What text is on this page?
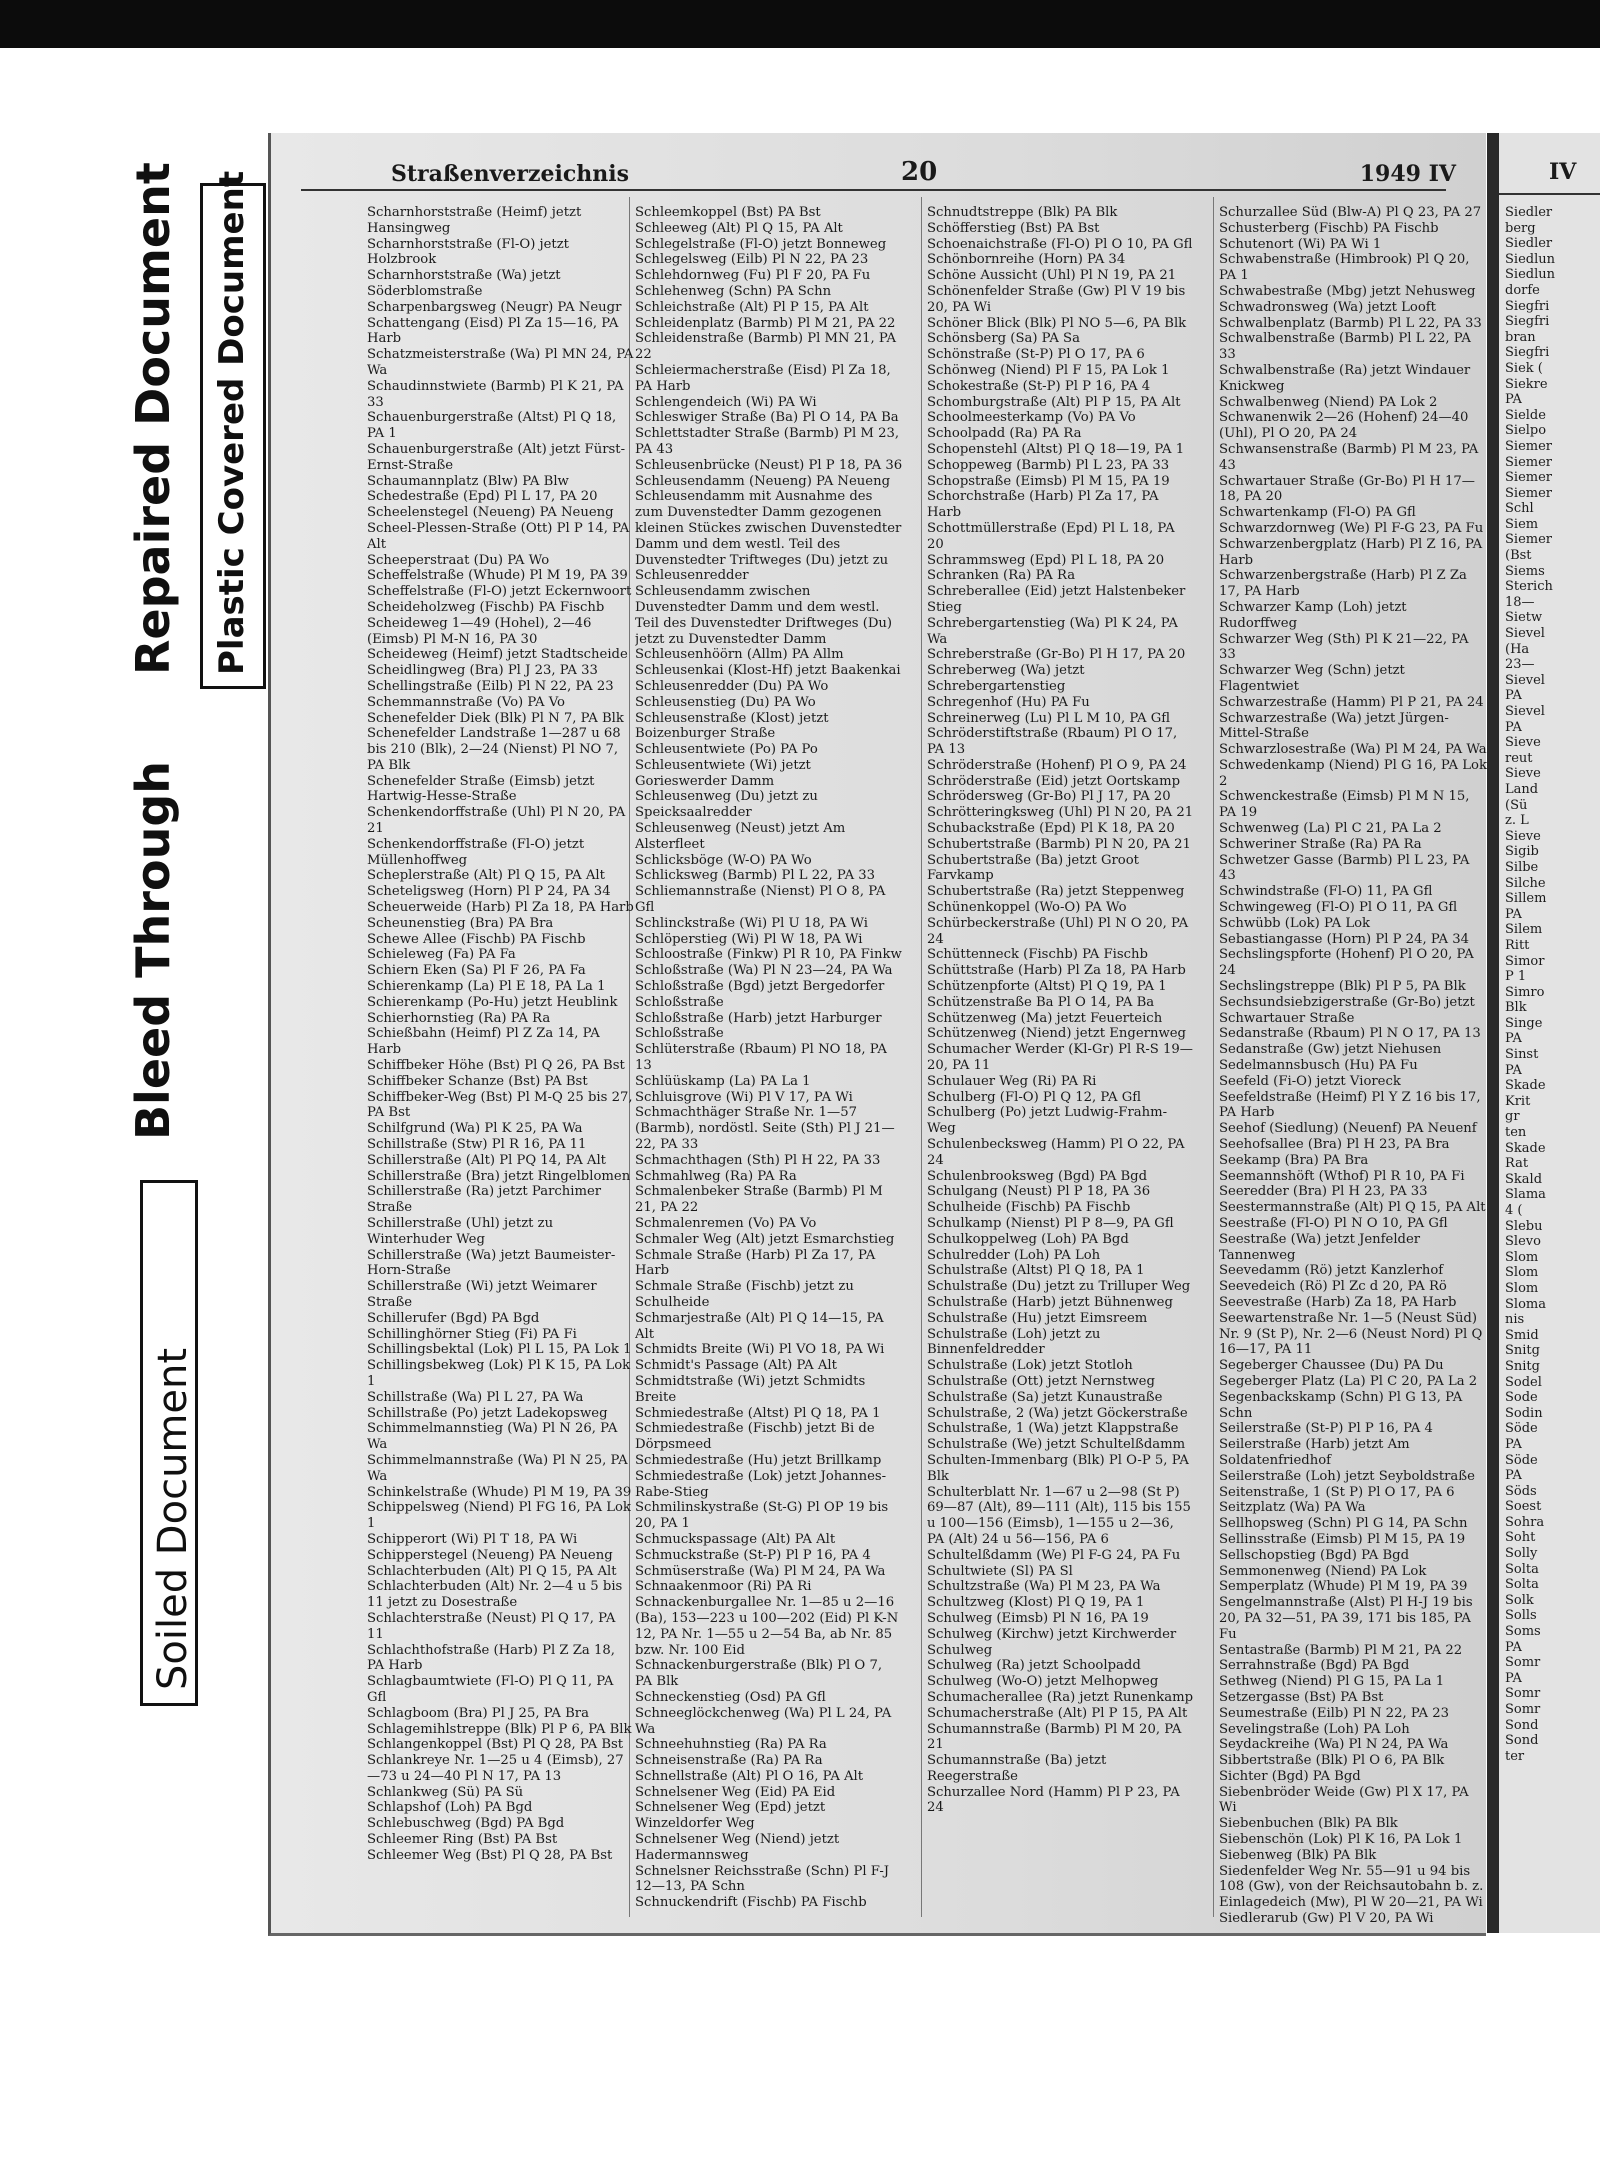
Soiled Document
Bleed Through
Repaired Document Plastic Covered Document	Straßenverzeichnis	20	1949 IV
Scharnhorststraße (Heimf) jetzt Hansingweg
Scharnhorststraße (Fl-O) jetzt Holzbrook
Scharnhorststraße (Wa) jetzt Söderblomstraße
Scharpenbargsweg (Neugr) PA Neugr
Schattengang (Eisd) Pl Za 15—16, PA Harb
Schatzmeisterstraße (Wa) Pl MN 24, PA Wa
Schaudinnstwiete (Barmb) Pl K 21, PA 33
Schauenburgerstraße (Altst) Pl Q 18, PA 1
Schauenburgerstraße (Alt) jetzt Fürst-Ernst-Straße
Schaumannplatz (Blw) PA Blw
Schedestraße (Epd) Pl L 17, PA 20
Scheelenstegel (Neueng) PA Neueng
Scheel-Plessen-Straße (Ott) Pl P 14, PA Alt
Scheeperstraat (Du) PA Wo
Scheffelstraße (Whude) Pl M 19, PA 39
Scheffelstraße (Fl-O) jetzt Eckernwoort
Scheideholzweg (Fischb) PA Fischb
Scheideweg 1—49 (Hohel), 2—46 (Eimsb) Pl M-N 16, PA 30
Scheideweg (Heimf) jetzt Stadtscheide
Scheidlingweg (Bra) Pl J 23, PA 33
Schellingstraße (Eilb) Pl N 22, PA 23
Schemmannstraße (Vo) PA Vo
Schenefelder Diek (Blk) Pl N 7, PA Blk
Schenefelder Landstraße 1—287 u 68 bis 210 (Blk), 2—24 (Nienst) Pl NO 7, PA Blk
Schenefelder Straße (Eimsb) jetzt Hartwig-Hesse-Straße
Schenkendorffstraße (Uhl) Pl N 20, PA 21
Schenkendorffstraße (Fl-O) jetzt Müllenhoffweg
Scheplerstraße (Alt) Pl Q 15, PA Alt
Scheteligsweg (Horn) Pl P 24, PA 34
Scheuerweide (Harb) Pl Za 18, PA Harb
Scheunenstieg (Bra) PA Bra
Schewe Allee (Fischb) PA Fischb
Schieleweg (Fa) PA Fa
Schiern Eken (Sa) Pl F 26, PA Fa
Schierenkamp (La) Pl E 18, PA La 1
Schierenkamp (Po-Hu) jetzt Heublink
Schierhornstieg (Ra) PA Ra
Schießbahn (Heimf) Pl Z Za 14, PA Harb
Schiffbeker Höhe (Bst) Pl Q 26, PA Bst
Schiffbeker Schanze (Bst) PA Bst
Schiffbeker-Weg (Bst) Pl M-Q 25 bis 27, PA Bst
Schilfgrund (Wa) Pl K 25, PA Wa
Schillstraße (Stw) Pl R 16, PA 11
Schillerstraße (Alt) Pl PQ 14, PA Alt
Schillerstraße (Bra) jetzt Ringelblomen
Schillerstraße (Ra) jetzt Parchimer Straße
Schillerstraße (Uhl) jetzt zu Winterhuder Weg
Schillerstraße (Wa) jetzt Baumeister-Horn-Straße
Schillerstraße (Wi) jetzt Weimarer Straße
Schillerufer (Bgd) PA Bgd
Schillinghörner Stieg (Fi) PA Fi
Schillingsbektal (Lok) Pl L 15, PA Lok 1
Schillingsbekweg (Lok) Pl K 15, PA Lok 1
Schillstraße (Wa) Pl L 27, PA Wa
Schillstraße (Po) jetzt Ladekopsweg
Schimmelmannstieg (Wa) Pl N 26, PA Wa
Schimmelmannstraße (Wa) Pl N 25, PA Wa
Schinkelstraße (Whude) Pl M 19, PA 39
Schippelsweg (Niend) Pl FG 16, PA Lok 1
Schipperort (Wi) Pl T 18, PA Wi
Schipperstegel (Neueng) PA Neueng
Schlachterbuden (Alt) Pl Q 15, PA Alt
Schlachterbuden (Alt) Nr. 2—4 u 5 bis 11 jetzt zu Dosestraße
Schlachterstraße (Neust) Pl Q 17, PA 11
Schlachthofstraße (Harb) Pl Z Za 18, PA Harb
Schlagbaumtwiete (Fl-O) Pl Q 11, PA Gfl
Schlagboom (Bra) Pl J 25, PA Bra
Schlagemihlstreppe (Blk) Pl P 6, PA Blk
Schlangenkoppel (Bst) Pl Q 28, PA Bst
Schlankreye Nr. 1—25 u 4 (Eimsb), 27—73 u 24—40 Pl N 17, PA 13
Schlankweg (Sü) PA Sü
Schlapshof (Loh) PA Bgd
Schlebuschweg (Bgd) PA Bgd
Schleemer Ring (Bst) PA Bst
Schleemer Weg (Bst) Pl Q 28, PA Bst
Schleemkoppel (Bst) PA Bst
Schleeweg (Alt) Pl Q 15, PA Alt
Schlegelstraße (Fl-O) jetzt Bonneweg
Schlegelsweg (Eilb) Pl N 22, PA 23
Schlehdornweg (Fu) Pl F 20, PA Fu
Schlehenweg (Schn) PA Schn
Schleichstraße (Alt) Pl P 15, PA Alt
Schleidenplatz (Barmb) Pl M 21, PA 22
Schleidenstraße (Barmb) Pl MN 21, PA 22
Schleiermacherstraße (Eisd) Pl Za 18, PA Harb
Schlengendeich (Wi) PA Wi
Schleswiger Straße (Ba) Pl O 14, PA Ba
Schlettstadter Straße (Barmb) Pl M 23, PA 43
Schleusenbrücke (Neust) Pl P 18, PA 36
Schleusendamm (Neueng) PA Neueng
Schleusendamm mit Ausnahme des zum Duvenstedter Damm gezogenen kleinen Stückes zwischen Duvenstedter Damm und dem westl. Teil des Duvenstedter Triftweges (Du) jetzt zu Schleusenredder
Schleusendamm zwischen Duvenstedter Damm und dem westl. Teil des Duvenstedter Driftweges (Du) jetzt zu Duvenstedter Damm
Schleusenhöörn (Allm) PA Allm
Schleusenkai (Klost-Hf) jetzt Baakenkai
Schleusenredder (Du) PA Wo
Schleusenstieg (Du) PA Wo
Schleusenstraße (Klost) jetzt Boizenburger Straße
Schleusentwiete (Po) PA Po
Schleusentwiete (Wi) jetzt Gorieswerder Damm
Schleusenweg (Du) jetzt zu Speicksaalredder
Schleusenweg (Neust) jetzt Am Alsterfleet
Schlicksböge (W-O) PA Wo
Schlicksweg (Barmb) Pl L 22, PA 33
Schliemannstraße (Nienst) Pl O 8, PA Gfl
Schlinckstraße (Wi) Pl U 18, PA Wi
Schlöperstieg (Wi) Pl W 18, PA Wi
Schloostraße (Finkw) Pl R 10, PA Finkw
Schloßstraße (Wa) Pl N 23—24, PA Wa
Schloßstraße (Bgd) jetzt Bergedorfer Schloßstraße
Schloßstraße (Harb) jetzt Harburger Schloßstraße
Schlüterstraße (Rbaum) Pl NO 18, PA 13
Schlüüskamp (La) PA La 1
Schluisgrove (Wi) Pl V 17, PA Wi
Schmachthäger Straße Nr. 1—57 (Barmb), nordöstl. Seite (Sth) Pl J 21—22, PA 33
Schmachthagen (Sth) Pl H 22, PA 33
Schmahlweg (Ra) PA Ra
Schmalenbeker Straße (Barmb) Pl M 21, PA 22
Schmalenremen (Vo) PA Vo
Schmaler Weg (Alt) jetzt Esmarchstieg
Schmale Straße (Harb) Pl Za 17, PA Harb
Schmale Straße (Fischb) jetzt zu Schulheide
Schmarjestraße (Alt) Pl Q 14—15, PA Alt
Schmidts Breite (Wi) Pl VO 18, PA Wi
Schmidt's Passage (Alt) PA Alt
Schmidtstraße (Wi) jetzt Schmidts Breite
Schmiedestraße (Altst) Pl Q 18, PA 1
Schmiedestraße (Fischb) jetzt Bi de Dörpsmeed
Schmiedestraße (Hu) jetzt Brillkamp
Schmiedestraße (Lok) jetzt Johannes-Rabe-Stieg
Schmilinskystraße (St-G) Pl OP 19 bis 20, PA 1
Schmuckspassage (Alt) PA Alt
Schmuckstraße (St-P) Pl P 16, PA 4
Schmüserstraße (Wa) Pl M 24, PA Wa
Schnaakenmoor (Ri) PA Ri
Schnackenburgallee Nr. 1—85 u 2—16 (Ba), 153—223 u 100—202 (Eid) Pl K-N 12, PA Nr. 1—55 u 2—54 Ba, ab Nr. 85 bzw. Nr. 100 Eid
Schnackenburgerstraße (Blk) Pl O 7, PA Blk
Schneckenstieg (Osd) PA Gfl
Schneeglöckchenweg (Wa) Pl L 24, PA Wa
Schneehuhnstieg (Ra) PA Ra
Schneisenstraße (Ra) PA Ra
Schnellstraße (Alt) Pl O 16, PA Alt
Schnelsener Weg (Eid) PA Eid
Schnelsener Weg (Epd) jetzt Winzeldorfer Weg
Schnelsener Weg (Niend) jetzt Hadermannsweg
Schnelsner Reichsstraße (Schn) Pl F-J 12—13, PA Schn
Schnuckendrift (Fischb) PA Fischb
Schnudtstreppe (Blk) PA Blk
Schöfferstieg (Bst) PA Bst
Schoenaichstraße (Fl-O) Pl O 10, PA Gfl
Schönbornreihe (Horn) PA 34
Schöne Aussicht (Uhl) Pl N 19, PA 21
Schönenfelder Straße (Gw) Pl V 19 bis 20, PA Wi
Schöner Blick (Blk) Pl NO 5—6, PA Blk
Schönsberg (Sa) PA Sa
Schönstraße (St-P) Pl O 17, PA 6
Schönweg (Niend) Pl F 15, PA Lok 1
Schokestraße (St-P) Pl P 16, PA 4
Schomburgstraße (Alt) Pl P 15, PA Alt
Schoolmeesterkamp (Vo) PA Vo
Schoolpadd (Ra) PA Ra
Schopenstehl (Altst) Pl Q 18—19, PA 1
Schoppeweg (Barmb) Pl L 23, PA 33
Schopstraße (Eimsb) Pl M 15, PA 19
Schorchstraße (Harb) Pl Za 17, PA Harb
Schottmüllerstraße (Epd) Pl L 18, PA 20
Schrammsweg (Epd) Pl L 18, PA 20
Schranken (Ra) PA Ra
Schreberallee (Eid) jetzt Halstenbeker Stieg
Schrebergartenstieg (Wa) Pl K 24, PA Wa
Schreberstraße (Gr-Bo) Pl H 17, PA 20
Schreberweg (Wa) jetzt Schrebergartenstieg
Schregenhof (Hu) PA Fu
Schreinerweg (Lu) Pl L M 10, PA Gfl
Schröderstiftstraße (Rbaum) Pl O 17, PA 13
Schröderstraße (Hohenf) Pl O 9, PA 24
Schröderstraße (Eid) jetzt Oortskamp
Schrödersweg (Gr-Bo) Pl J 17, PA 20
Schrötteringksweg (Uhl) Pl N 20, PA 21
Schubackstraße (Epd) Pl K 18, PA 20
Schubertstraße (Barmb) Pl N 20, PA 21
Schubertstraße (Ba) jetzt Groot Farvkamp
Schubertstraße (Ra) jetzt Steppenweg
Schünenkoppel (Wo-O) PA Wo
Schürbeckerstraße (Uhl) Pl N O 20, PA 24
Schüttenneck (Fischb) PA Fischb
Schüttstraße (Harb) Pl Za 18, PA Harb
Schützenpforte (Altst) Pl Q 19, PA 1
Schützenstraße Ba Pl O 14, PA Ba
Schützenweg (Ma) jetzt Feuerteich
Schützenweg (Niend) jetzt Engernweg
Schumacher Werder (Kl-Gr) Pl R-S 19—20, PA 11
Schulauer Weg (Ri) PA Ri
Schulberg (Fl-O) Pl Q 12, PA Gfl
Schulberg (Po) jetzt Ludwig-Frahm-Weg
Schulenbecksweg (Hamm) Pl O 22, PA 24
Schulenbrooksweg (Bgd) PA Bgd
Schulgang (Neust) Pl P 18, PA 36
Schulheide (Fischb) PA Fischb
Schulkamp (Nienst) Pl P 8—9, PA Gfl
Schulkoppelweg (Loh) PA Bgd
Schulredder (Loh) PA Loh
Schulstraße (Altst) Pl Q 18, PA 1
Schulstraße (Du) jetzt zu Trilluper Weg
Schulstraße (Harb) jetzt Bühnenweg
Schulstraße (Hu) jetzt Eimsreem
Schulstraße (Loh) jetzt zu Binnenfeldredder
Schulstraße (Lok) jetzt Stotloh
Schulstraße (Ott) jetzt Nernstweg
Schulstraße (Sa) jetzt Kunaustraße
Schulstraße, 2 (Wa) jetzt Göckerstraße
Schulstraße, 1 (Wa) jetzt Klappstraße
Schulstraße (We) jetzt Schultelßdamm
Schulten-Immenbarg (Blk) Pl O-P 5, PA Blk
Schulterblatt Nr. 1—67 u 2—98 (St P) 69—87 (Alt), 89—111 (Alt), 115 bis 155 u 100—156 (Eimsb), 1—155 u 2—36, PA (Alt) 24 u 56—156, PA 6
Schultelßdamm (We) Pl F-G 24, PA Fu
Schultwiete (Sl) PA Sl
Schultzstraße (Wa) Pl M 23, PA Wa
Schultzweg (Klost) Pl Q 19, PA 1
Schulweg (Eimsb) Pl N 16, PA 19
Schulweg (Kirchw) jetzt Kirchwerder Schulweg
Schulweg (Ra) jetzt Schoolpadd
Schulweg (Wo-O) jetzt Melhopweg
Schumacherallee (Ra) jetzt Runenkamp
Schumacherstraße (Alt) Pl P 15, PA Alt
Schumannstraße (Barmb) Pl M 20, PA 21
Schumannstraße (Ba) jetzt Reegerstraße
Schurzallee Nord (Hamm) Pl P 23, PA 24
Schurzallee Süd (Blw-A) Pl Q 23, PA 27
Schusterberg (Fischb) PA Fischb
Schutenort (Wi) PA Wi 1
Schwabenstraße (Himbrook) Pl Q 20, PA 1
Schwabestraße (Mbg) jetzt Nehusweg
Schwadronsweg (Wa) jetzt Looft
Schwalbenplatz (Barmb) Pl L 22, PA 33
Schwalbenstraße (Barmb) Pl L 22, PA 33
Schwalbenstraße (Ra) jetzt Windauer Knickweg
Schwalbenweg (Niend) PA Lok 2
Schwanenwik 2—26 (Hohenf) 24—40 (Uhl), Pl O 20, PA 24
Schwansenstraße (Barmb) Pl M 23, PA 43
Schwartauer Straße (Gr-Bo) Pl H 17—18, PA 20
Schwartenkamp (Fl-O) PA Gfl
Schwarzdornweg (We) Pl F-G 23, PA Fu
Schwarzenbergplatz (Harb) Pl Z 16, PA Harb
Schwarzenbergstraße (Harb) Pl Z Za 17, PA Harb
Schwarzer Kamp (Loh) jetzt Rudorffweg
Schwarzer Weg (Sth) Pl K 21—22, PA 33
Schwarzer Weg (Schn) jetzt Flagentwiet
Schwarzestraße (Hamm) Pl P 21, PA 24
Schwarzestraße (Wa) jetzt Jürgen-Mittel-Straße
Schwarzlosestraße (Wa) Pl M 24, PA Wa
Schwedenkamp (Niend) Pl G 16, PA Lok 2
Schwenckestraße (Eimsb) Pl M N 15, PA 19
Schwenweg (La) Pl C 21, PA La 2
Schweriner Straße (Ra) PA Ra
Schwetzer Gasse (Barmb) Pl L 23, PA 43
Schwindstraße (Fl-O) 11, PA Gfl
Schwingeweg (Fl-O) Pl O 11, PA Gfl
Schwübb (Lok) PA Lok
Sebastiangasse (Horn) Pl P 24, PA 34
Sechslingspforte (Hohenf) Pl O 20, PA 24
Sechslingstreppe (Blk) Pl P 5, PA Blk
Sechsundsiebzigerstraße (Gr-Bo) jetzt Schwartauer Straße
Sedanstraße (Rbaum) Pl N O 17, PA 13
Sedanstraße (Gw) jetzt Niehusen
Sedelmannsbusch (Hu) PA Fu
Seefeld (Fi-O) jetzt Vioreck
Seefeldstraße (Heimf) Pl Y Z 16 bis 17, PA Harb
Seehof (Siedlung) (Neuenf) PA Neuenf
Seehofsallee (Bra) Pl H 23, PA Bra
Seekamp (Bra) PA Bra
Seemannshöft (Wthof) Pl R 10, PA Fi
Seeredder (Bra) Pl H 23, PA 33
Seestermannstraße (Alt) Pl Q 15, PA Alt
Seestraße (Fl-O) Pl N O 10, PA Gfl
Seestraße (Wa) jetzt Jenfelder Tannenweg
Seevedamm (Rö) jetzt Kanzlerhof
Seevedeich (Rö) Pl Zc d 20, PA Rö
Seevestraße (Harb) Za 18, PA Harb
Seewartenstraße Nr. 1—5 (Neust Süd) Nr. 9 (St P), Nr. 2—6 (Neust Nord) Pl Q 16—17, PA 11
Segeberger Chaussee (Du) PA Du
Segeberger Platz (La) Pl C 20, PA La 2
Segenbackskamp (Schn) Pl G 13, PA Schn
Seilerstraße (St-P) Pl P 16, PA 4
Seilerstraße (Harb) jetzt Am Soldatenfriedhof
Seilerstraße (Loh) jetzt Seyboldstraße
Seitenstraße, 1 (St P) Pl O 17, PA 6
Seitzplatz (Wa) PA Wa
Sellhopsweg (Schn) Pl G 14, PA Schn
Sellinsstraße (Eimsb) Pl M 15, PA 19
Sellschopstieg (Bgd) PA Bgd
Semmonenweg (Niend) PA Lok
Semperplatz (Whude) Pl M 19, PA 39
Sengelmannstraße (Alst) Pl H-J 19 bis 20, PA 32—51, PA 39, 171 bis 185, PA Fu
Sentastraße (Barmb) Pl M 21, PA 22
Serrahnstraße (Bgd) PA Bgd
Sethweg (Niend) Pl G 15, PA La 1
Setzergasse (Bst) PA Bst
Seumestraße (Eilb) Pl N 22, PA 23
Sevelingstraße (Loh) PA Loh
Seydackreihe (Wa) Pl N 24, PA Wa
Sibbertstraße (Blk) Pl O 6, PA Blk
Sichter (Bgd) PA Bgd
Siebenbröder Weide (Gw) Pl X 17, PA Wi
Siebenbuchen (Blk) PA Blk
Siebenschön (Lok) Pl K 16, PA Lok 1
Siebenweg (Blk) PA Blk
Siedenfelder Weg Nr. 55—91 u 94 bis 108 (Gw), von der Reichsautobahn b. z. Einlagedeich (Mw), Pl W 20—21, PA Wi
Siedlerarub (Gw) Pl V 20, PA Wi
IV
Siedler
berg
Siedler
Siedlun
Siedlun
dorfe
Siegfri
Siegfri
bran
Siegfri
Siek (
Siekre
PA
Sielde
Sielpo
Siemer
Siemer
Siemer
Siemer
Schl
Siem
Siemer
(Bst
Siems
Sterich
18—
Sietw
Sievel
(Ha
23—
Sievel
PA
Sievel
PA
Sieve
reut
Sieve
Land
(Sü
z. L
Sieve
Sigib
Silbe
Silche
Sillem
PA
Silem
Ritt
Simor
P 1
Simro
Blk
Singe
PA
Sinst
PA
Skade
Krit
gr
ten
Skade
Rat
Skald
Slama
4 (
Slebu
Slevo
Slom
Slom
Slom
Sloma
nis
Smid
Snitg
Snitg
Sodel
Sode
Sodin
Söde
PA
Söde
PA
Söds
Soest
Sohra
Soht
Solly
Solta
Solta
Solk
Solls
Soms
PA
Somr
PA
Somr
Somr
Sond
Sond
ter
